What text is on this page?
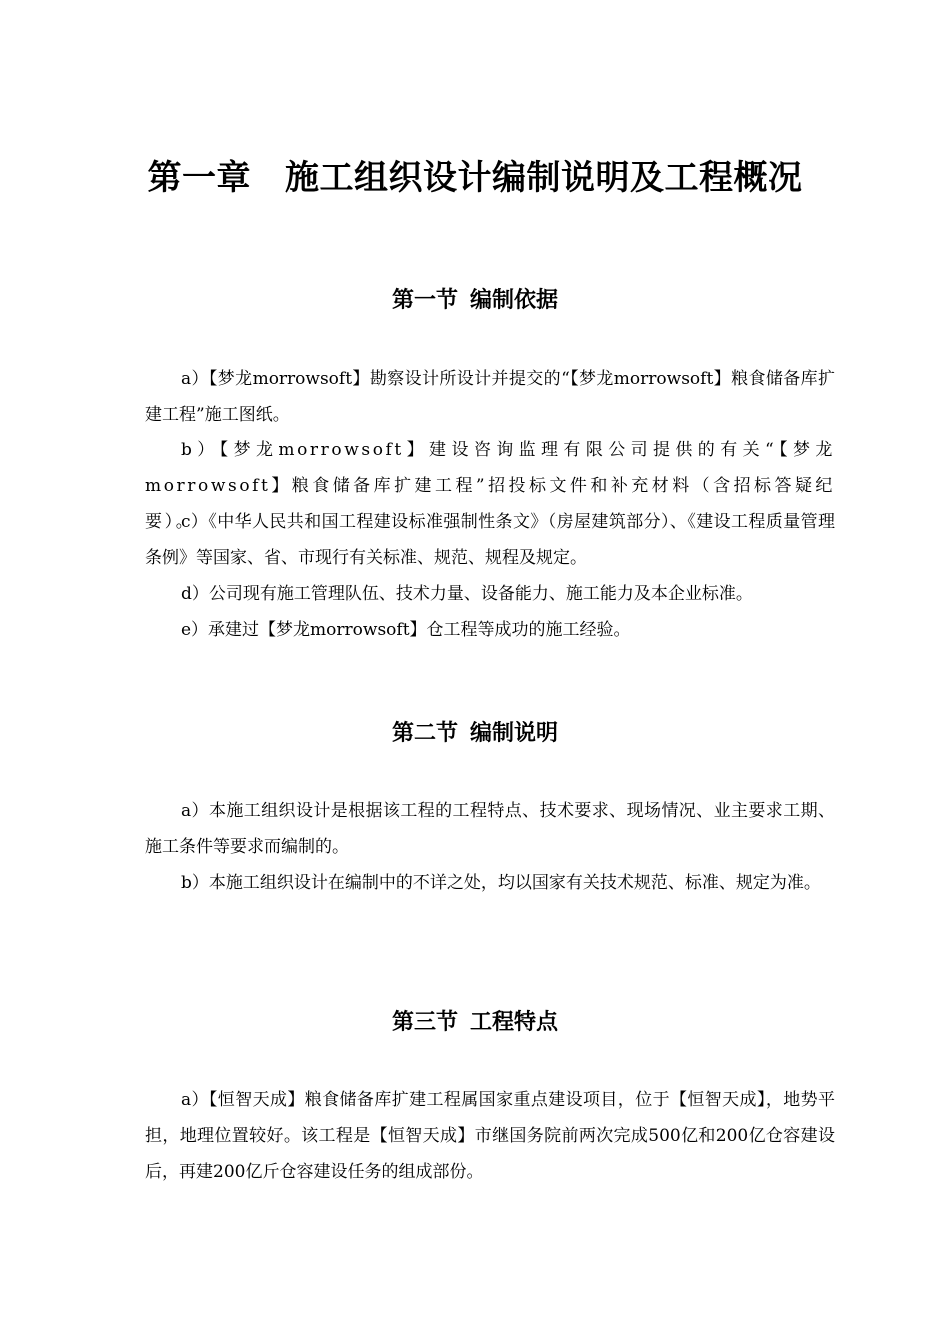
第一章 施工组织设计编制说明及工程概况
第一节 编制依据

a）【梦龙morrowsoft】勘察设计所设计并提交的“【梦龙morrowsoft】粮食储备库扩建工程”施工图纸。

b）【梦龙morrowsoft】建设咨询监理有限公司提供的有关“【梦龙morrowsoft】粮食储备库扩建工程”招投标文件和补充材料（含招标答疑纪要）。

c）《中华人民共和国工程建设标准强制性条文》（房屋建筑部分）、《建设工程质量管理条例》等国家、省、市现行有关标准、规范、规程及规定。

d）公司现有施工管理队伍、技术力量、设备能力、施工能力及本企业标准。

e）承建过【梦龙morrowsoft】仓工程等成功的施工经验。

第二节 编制说明

a）本施工组织设计是根据该工程的工程特点、技术要求、现场情况、业主要求工期、施工条件等要求而编制的。

b）本施工组织设计在编制中的不详之处，均以国家有关技术规范、标准、规定为准。

第三节 工程特点

a）【恒智天成】粮食储备库扩建工程属国家重点建设项目，位于【恒智天成】，地势平担，地理位置较好。该工程是【恒智天成】市继国务院前两次完成500亿和200亿仓容建设后，再建200亿斤仓容建设任务的组成部份。
